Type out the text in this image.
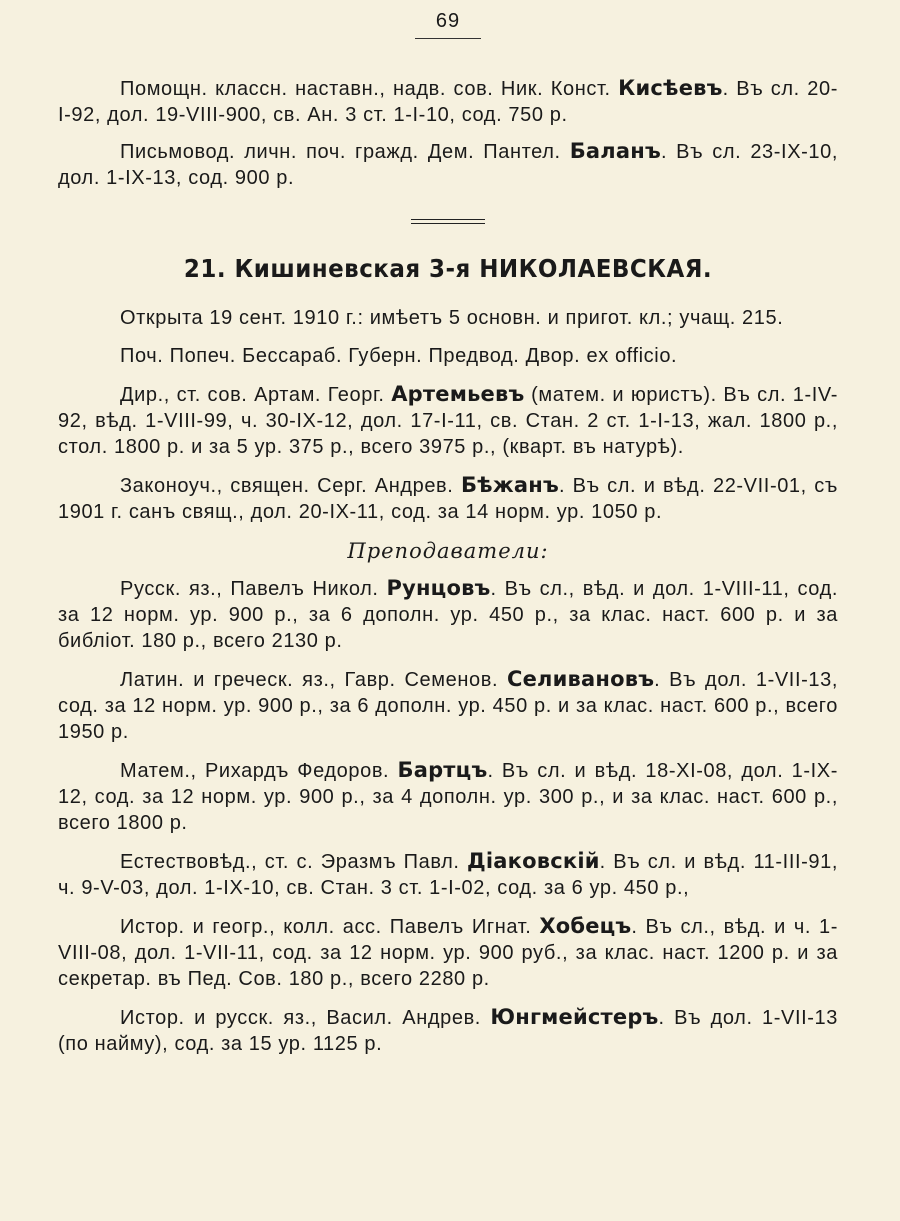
69

Помощн. классн. наставн., надв. сов. Ник. Конст. Кисѣевъ. Въ сл. 20-I-92, дол. 19-VIII-900, св. Ан. 3 ст. 1-I-10, сод. 750 р.

Письмовод. личн. поч. гражд. Дем. Пантел. Баланъ. Въ сл. 23-IX-10, дол. 1-IX-13, сод. 900 р.

21. Кишиневская 3-я НИКОЛАЕВСКАЯ.

Открыта 19 сент. 1910 г.: имѣетъ 5 основн. и пригот. кл.; учащ. 215.

Поч. Попеч. Бессараб. Губерн. Предвод. Двор. ex officio.

Дир., ст. сов. Артам. Георг. Артемьевъ (матем. и юристъ). Въ сл. 1-IV-92, вѣд. 1-VIII-99, ч. 30-IX-12, дол. 17-I-11, св. Стан. 2 ст. 1-I-13, жал. 1800 р., стол. 1800 р. и за 5 ур. 375 р., всего 3975 р., (кварт. въ натурѣ).

Законоуч., священ. Серг. Андрев. Бѣжанъ. Въ сл. и вѣд. 22-VII-01, съ 1901 г. санъ свящ., дол. 20-IX-11, сод. за 14 норм. ур. 1050 р.

Преподаватели:

Русск. яз., Павелъ Никол. Рунцовъ. Въ сл., вѣд. и дол. 1-VIII-11, сод. за 12 норм. ур. 900 р., за 6 дополн. ур. 450 р., за клас. наст. 600 р. и за библіот. 180 р., всего 2130 р.

Латин. и греческ. яз., Гавр. Семенов. Селивановъ. Въ дол. 1-VII-13, сод. за 12 норм. ур. 900 р., за 6 дополн. ур. 450 р. и за клас. наст. 600 р., всего 1950 р.

Матем., Рихардъ Федоров. Бартцъ. Въ сл. и вѣд. 18-XI-08, дол. 1-IX-12, сод. за 12 норм. ур. 900 р., за 4 дополн. ур. 300 р., и за клас. наст. 600 р., всего 1800 р.

Естествовѣд., ст. с. Эразмъ Павл. Діаковскій. Въ сл. и вѣд. 11-III-91, ч. 9-V-03, дол. 1-IX-10, св. Стан. 3 ст. 1-I-02, сод. за 6 ур. 450 р.,

Истор. и геогр., колл. асс. Павелъ Игнат. Хобецъ. Въ сл., вѣд. и ч. 1-VIII-08, дол. 1-VII-11, сод. за 12 норм. ур. 900 руб., за клас. наст. 1200 р. и за секретар. въ Пед. Сов. 180 р., всего 2280 р.

Истор. и русск. яз., Васил. Андрев. Юнгмейстеръ. Въ дол. 1-VII-13 (по найму), сод. за 15 ур. 1125 р.
